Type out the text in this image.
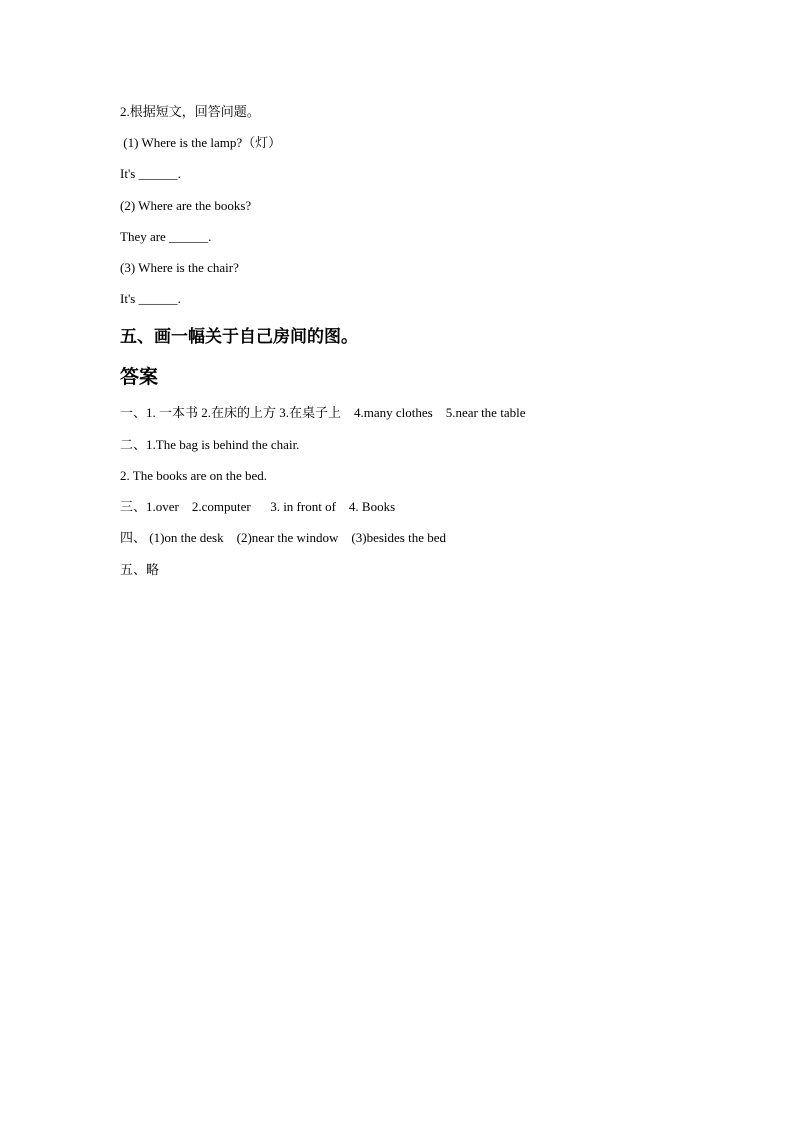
2.根据短文，回答问题。
(1) Where is the lamp?（灯）
It's ______.
(2) Where are the books?
They are ______.
(3) Where is the chair?
It's ______.
五、画一幅关于自己房间的图。
答案
一、1. 一本书 2.在床的上方 3.在桌子上    4.many clothes    5.near the table
二、1.The bag is behind the chair.
2. The books are on the bed.
三、1.over    2.computer      3. in front of    4. Books
四、 (1)on the desk    (2)near the window    (3)besides the bed
五、略
